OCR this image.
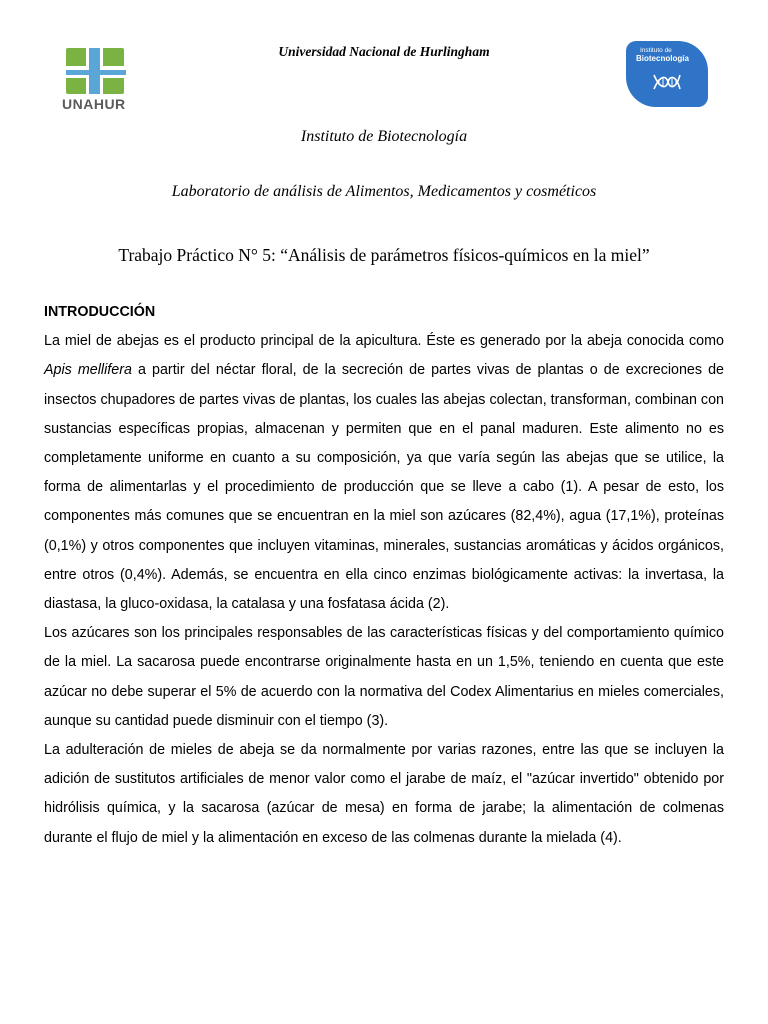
UNAHUR
Universidad Nacional de Hurlingham	Instituto de
Biotecnología
Instituto de Biotecnología
Laboratorio de análisis de Alimentos, Medicamentos y cosméticos
Trabajo Práctico N° 5: “Análisis de parámetros físicos-químicos en la miel”
INTRODUCCIÓN

La miel de abejas es el producto principal de la apicultura. Éste es generado por la abeja conocida como Apis mellifera a partir del néctar floral, de la secreción de partes vivas de plantas o de excreciones de insectos chupadores de partes vivas de plantas, los cuales las abejas colectan, transforman, combinan con sustancias específicas propias, almacenan y permiten que en el panal maduren. Este alimento no es completamente uniforme en cuanto a su composición, ya que varía según las abejas que se utilice, la forma de alimentarlas y el procedimiento de producción que se lleve a cabo (1). A pesar de esto, los componentes más comunes que se encuentran en la miel son azúcares (82,4%), agua (17,1%), proteínas (0,1%) y otros componentes que incluyen vitaminas, minerales, sustancias aromáticas y ácidos orgánicos, entre otros (0,4%). Además, se encuentra en ella cinco enzimas biológicamente activas: la invertasa, la diastasa, la gluco-oxidasa, la catalasa y una fosfatasa ácida (2).

Los azúcares son los principales responsables de las características físicas y del comportamiento químico de la miel. La sacarosa puede encontrarse originalmente hasta en un 1,5%, teniendo en cuenta que este azúcar no debe superar el 5% de acuerdo con la normativa del Codex Alimentarius en mieles comerciales, aunque su cantidad puede disminuir con el tiempo (3).

La adulteración de mieles de abeja se da normalmente por varias razones, entre las que se incluyen la adición de sustitutos artificiales de menor valor como el jarabe de maíz, el "azúcar invertido" obtenido por hidrólisis química, y la sacarosa (azúcar de mesa) en forma de jarabe; la alimentación de colmenas durante el flujo de miel y la alimentación en exceso de las colmenas durante la mielada (4).
